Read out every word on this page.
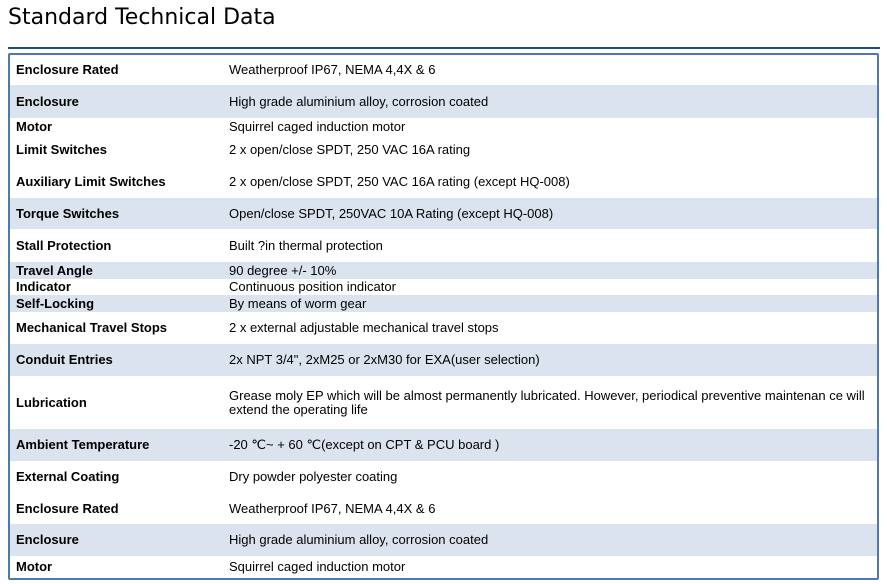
Standard Technical Data
Enclosure Rated	Weatherproof IP67, NEMA 4,4X & 6
Enclosure	High grade aluminium alloy, corrosion coated
Motor	Squirrel caged induction motor
Limit Switches	2 x open/close SPDT, 250 VAC 16A rating
Auxiliary Limit Switches	2 x open/close SPDT, 250 VAC 16A rating (except HQ-008)
Torque Switches	Open/close SPDT, 250VAC 10A Rating (except HQ-008)
Stall Protection	Built ?in thermal protection
Travel Angle	90 degree +/- 10%
Indicator	Continuous position indicator
Self-Locking	By means of worm gear
Mechanical Travel Stops	2 x external adjustable mechanical travel stops
Conduit Entries	2x NPT 3/4", 2xM25 or 2xM30 for EXA(user selection)
Lubrication	Grease moly EP which will be almost permanently lubricated. However, periodical preventive maintenan ce will extend the operating life
Ambient Temperature	-20 ℃~ + 60 ℃(except on CPT & PCU board )
External Coating	Dry powder polyester coating
Enclosure Rated	Weatherproof IP67, NEMA 4,4X & 6
Enclosure	High grade aluminium alloy, corrosion coated
Motor	Squirrel caged induction motor
